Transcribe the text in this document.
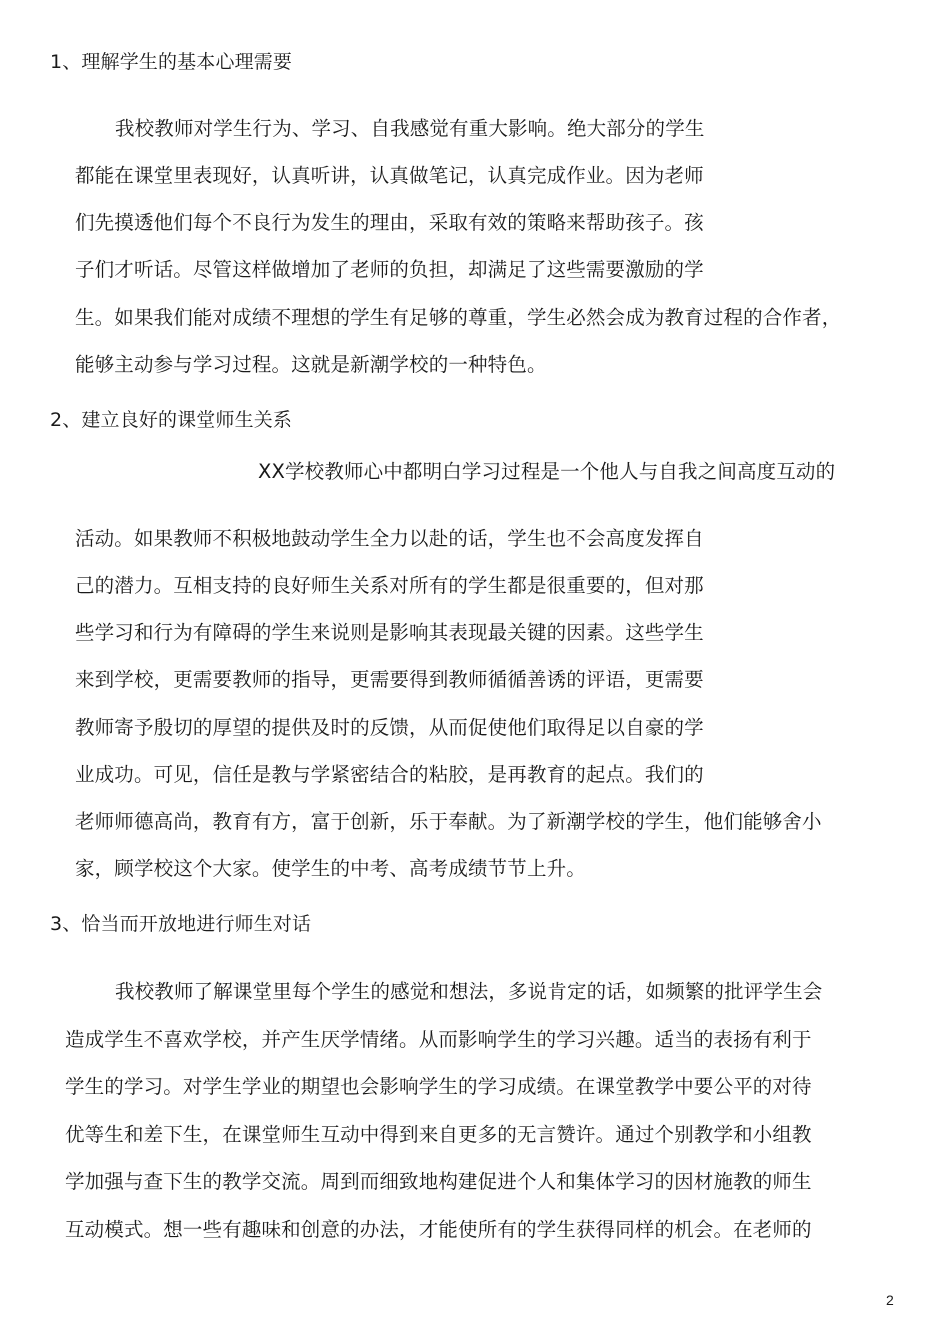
1、理解学生的基本心理需要
我校教师对学生行为、学习、自我感觉有重大影响。绝大部分的学生
都能在课堂里表现好，认真听讲，认真做笔记，认真完成作业。因为老师
们先摸透他们每个不良行为发生的理由，采取有效的策略来帮助孩子。孩
子们才听话。尽管这样做增加了老师的负担，却满足了这些需要激励的学
生。如果我们能对成绩不理想的学生有足够的尊重，学生必然会成为教育过程的合作者，
能够主动参与学习过程。这就是新潮学校的一种特色。
2、建立良好的课堂师生关系
XX学校教师心中都明白学习过程是一个他人与自我之间高度互动的
活动。如果教师不积极地鼓动学生全力以赴的话，学生也不会高度发挥自
己的潜力。互相支持的良好师生关系对所有的学生都是很重要的，但对那
些学习和行为有障碍的学生来说则是影响其表现最关键的因素。这些学生
来到学校，更需要教师的指导，更需要得到教师循循善诱的评语，更需要
教师寄予殷切的厚望的提供及时的反馈，从而促使他们取得足以自豪的学
业成功。可见，信任是教与学紧密结合的粘胶，是再教育的起点。我们的
老师师德高尚，教育有方，富于创新，乐于奉献。为了新潮学校的学生，他们能够舍小
家，顾学校这个大家。使学生的中考、高考成绩节节上升。
3、恰当而开放地进行师生对话
我校教师了解课堂里每个学生的感觉和想法，多说肯定的话，如频繁的批评学生会
造成学生不喜欢学校，并产生厌学情绪。从而影响学生的学习兴趣。适当的表扬有利于
学生的学习。对学生学业的期望也会影响学生的学习成绩。在课堂教学中要公平的对待
优等生和差下生，在课堂师生互动中得到来自更多的无言赞许。通过个别教学和小组教
学加强与查下生的教学交流。周到而细致地构建促进个人和集体学习的因材施教的师生
互动模式。想一些有趣味和创意的办法，才能使所有的学生获得同样的机会。在老师的
2
